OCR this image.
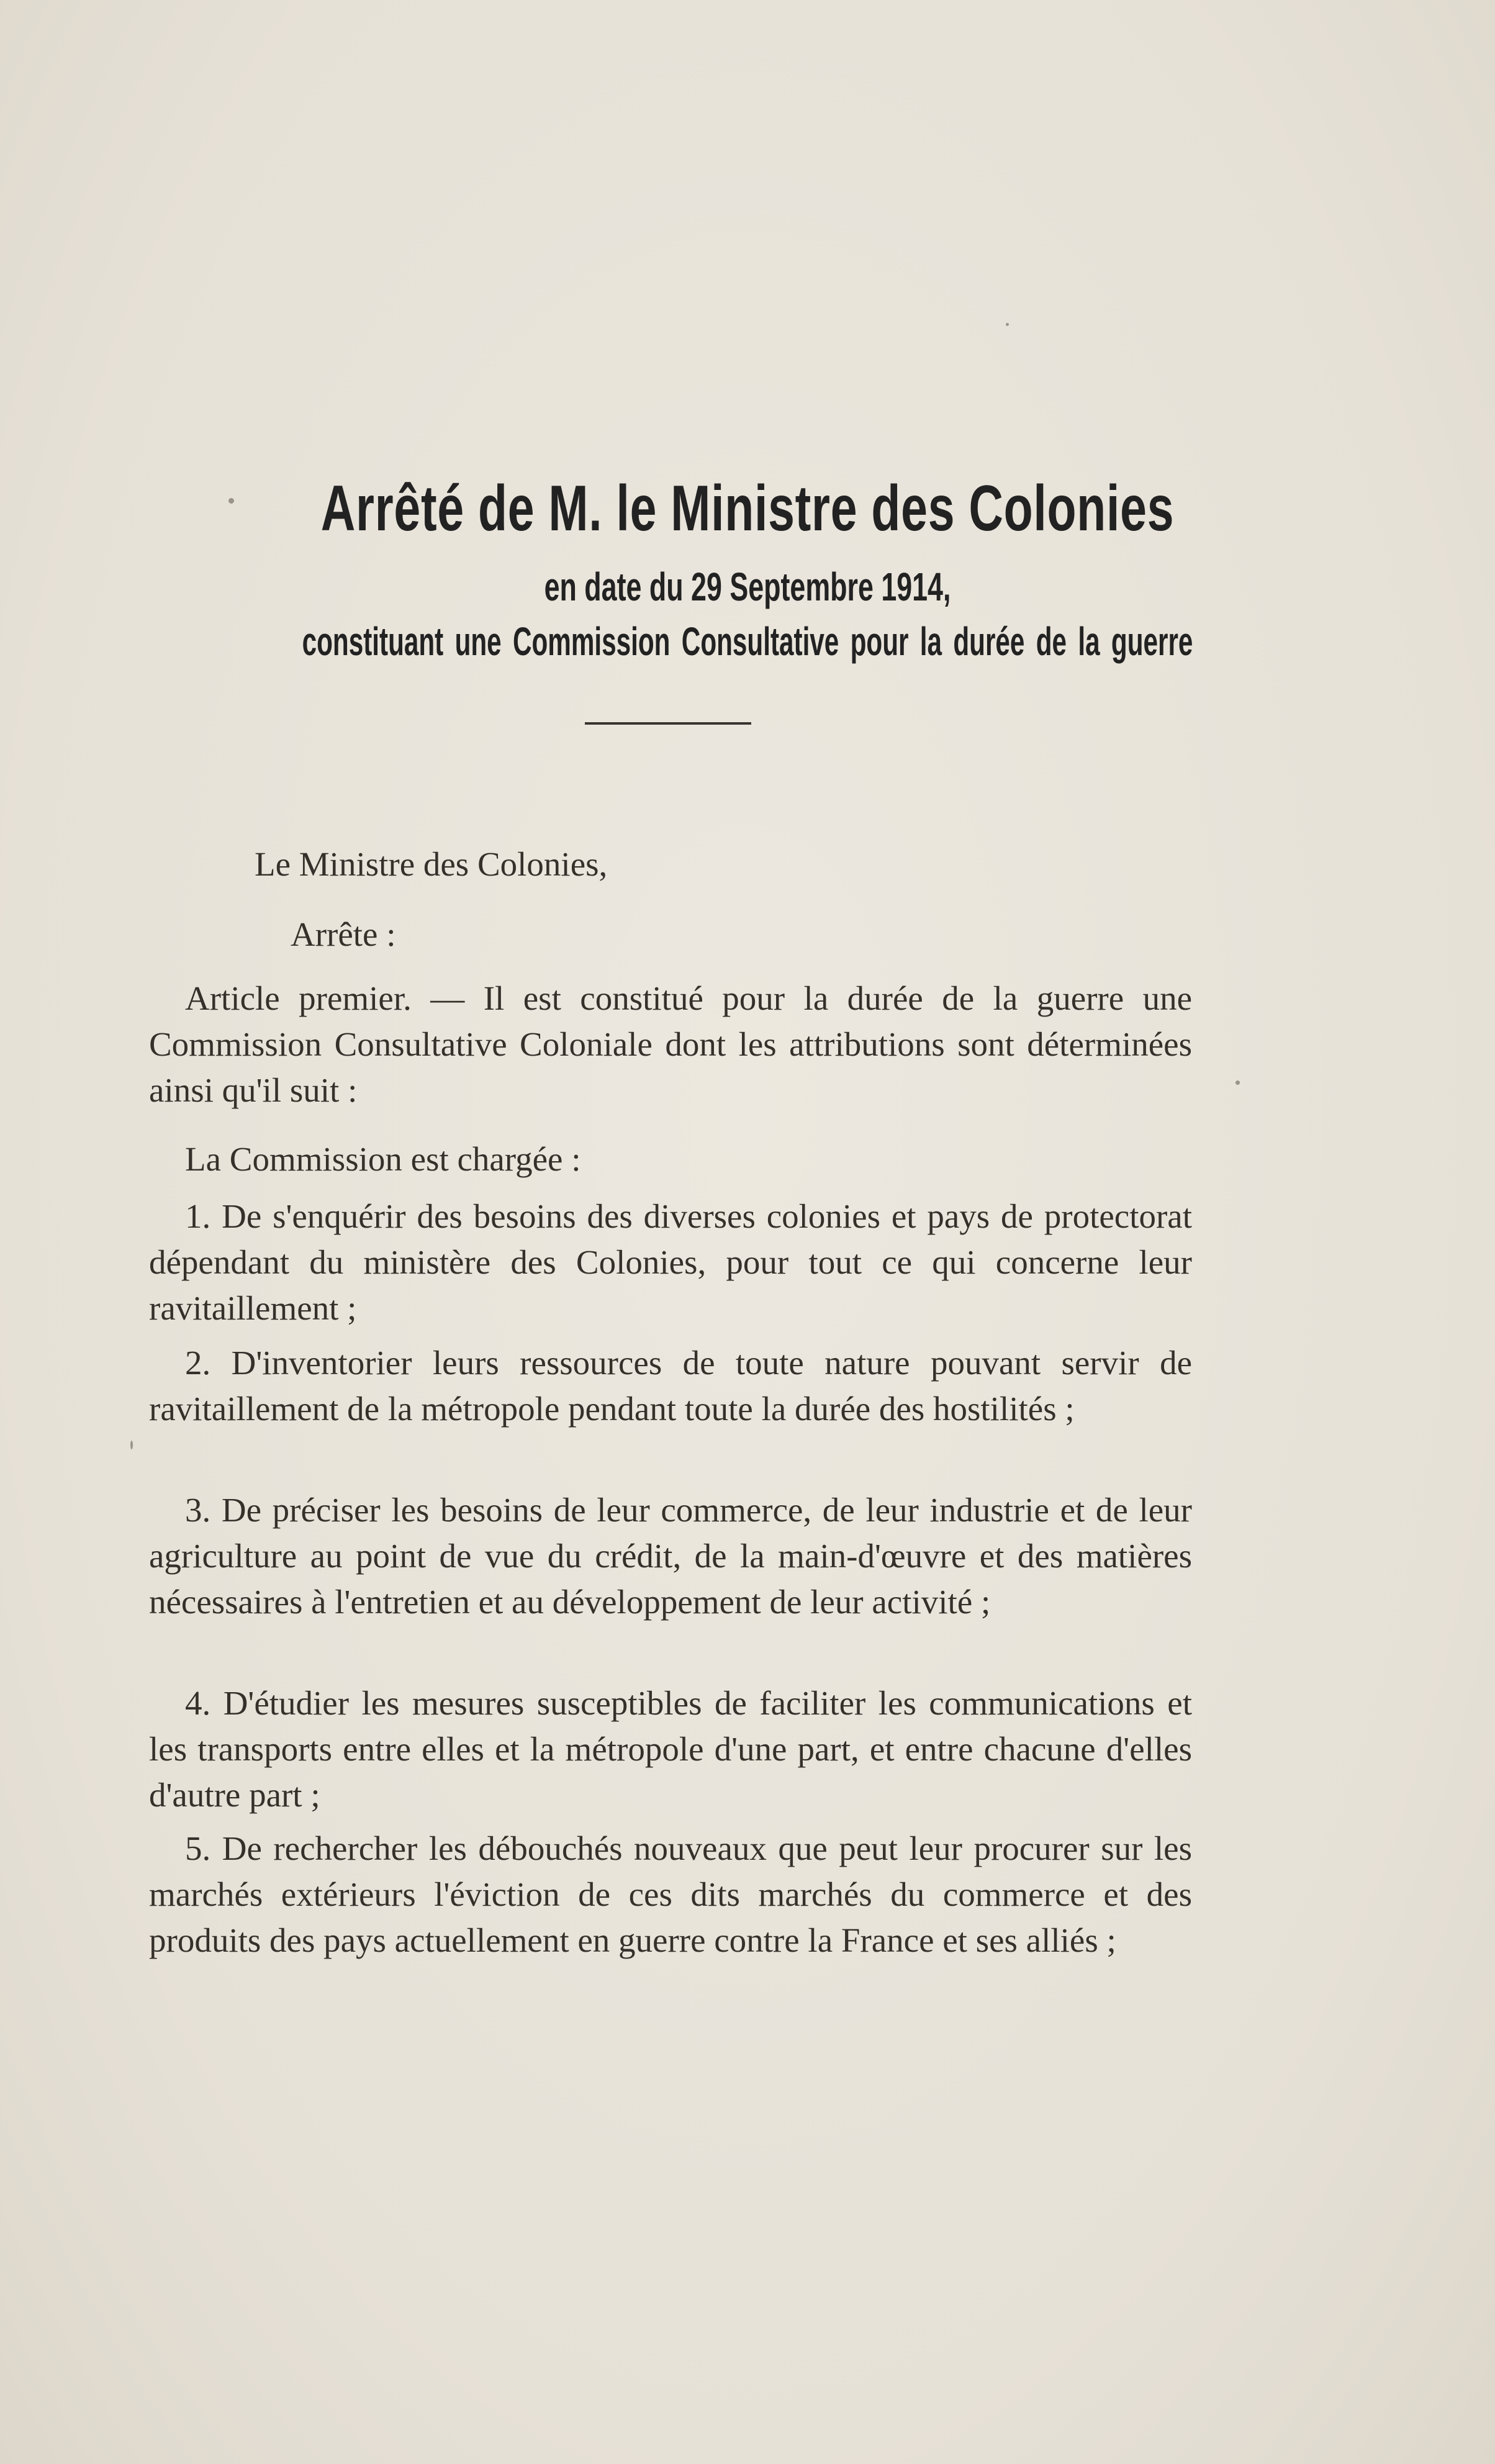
Arrêté de M. le Ministre des Colonies
en date du 29 Septembre 1914,
constituant une Commission Consultative pour la durée de la guerre

Le Ministre des Colonies,

Arrête :

Article premier. — Il est constitué pour la durée de la guerre une Commission Consultative Coloniale dont les attributions sont déterminées ainsi qu'il suit :

La Commission est chargée :

1. De s'enquérir des besoins des diverses colonies et pays de protectorat dépendant du ministère des Colonies, pour tout ce qui concerne leur ravitaillement ;

2. D'inventorier leurs ressources de toute nature pouvant servir de ravitaillement de la métropole pendant toute la durée des hostilités ;

3. De préciser les besoins de leur commerce, de leur industrie et de leur agriculture au point de vue du crédit, de la main-d'œuvre et des matières nécessaires à l'entretien et au développement de leur activité ;

4. D'étudier les mesures susceptibles de faciliter les communications et les transports entre elles et la métropole d'une part, et entre chacune d'elles d'autre part ;

5. De rechercher les débouchés nouveaux que peut leur procurer sur les marchés extérieurs l'éviction de ces dits marchés du commerce et des produits des pays actuellement en guerre contre la France et ses alliés ;
